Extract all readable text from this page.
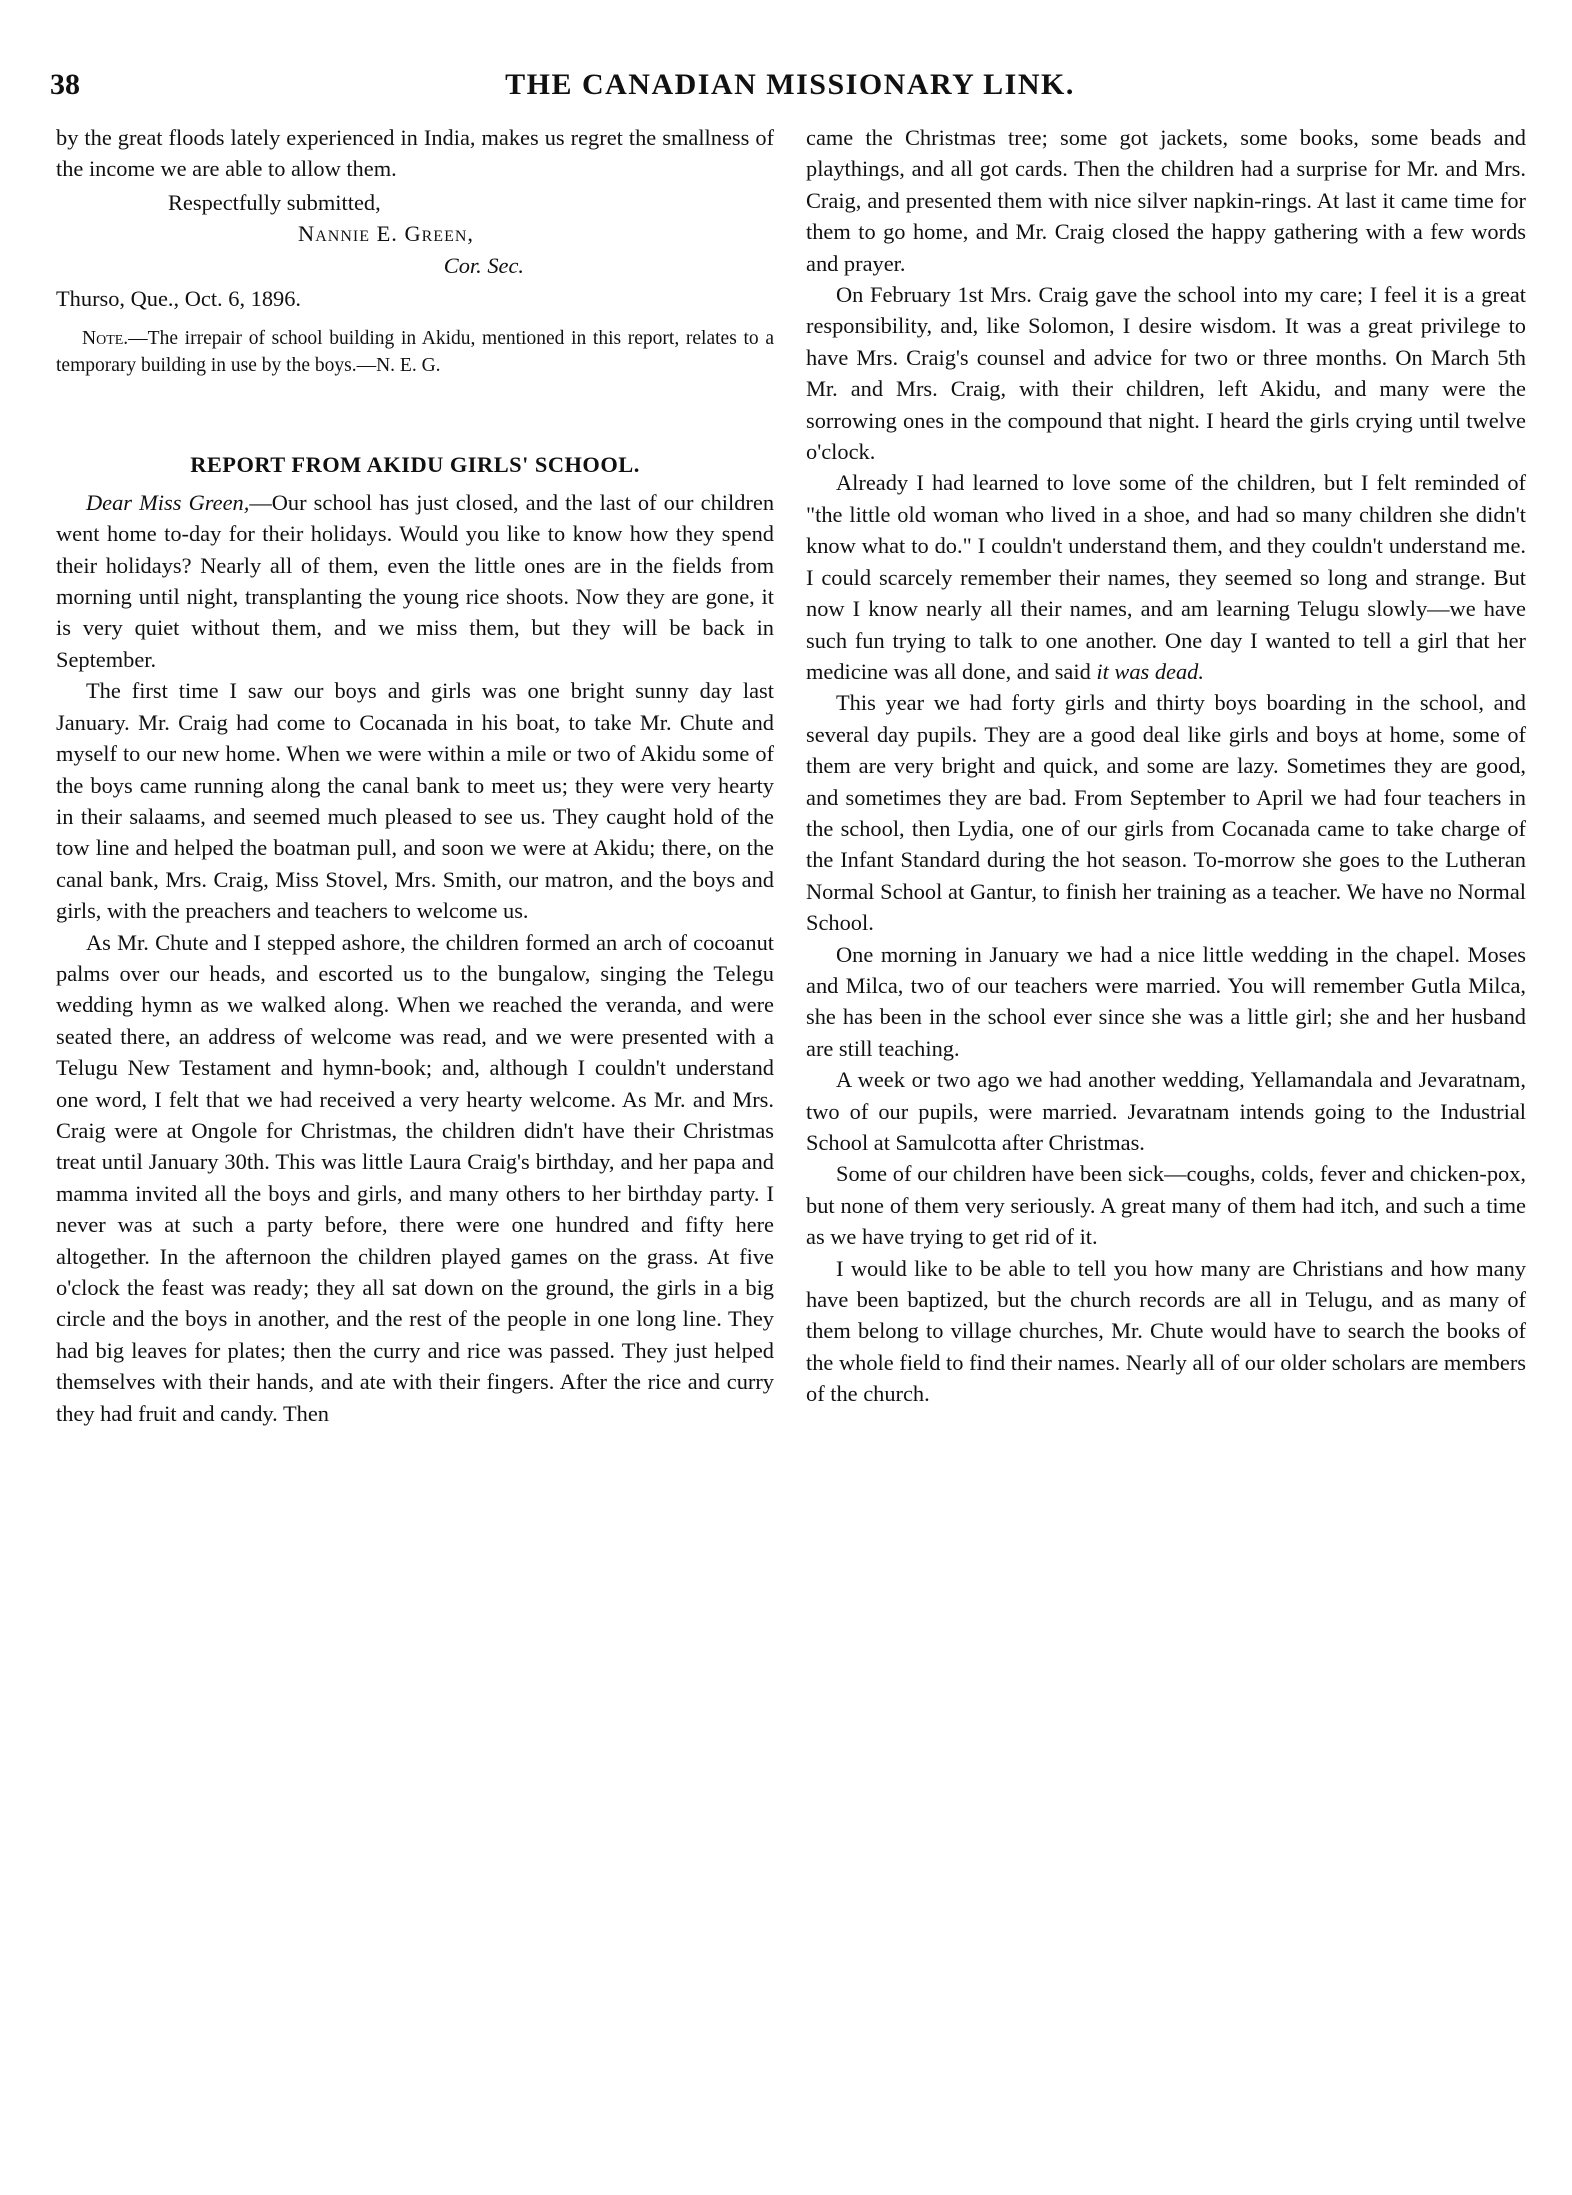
38	THE CANADIAN MISSIONARY LINK.

by the great floods lately experienced in India, makes us regret the smallness of the income we are able to allow them.

Respectfully submitted,

Nannie E. Green,

Cor. Sec.

Thurso, Que., Oct. 6, 1896.

Note.—The irrepair of school building in Akidu, mentioned in this report, relates to a temporary building in use by the boys.—N. E. G.

REPORT FROM AKIDU GIRLS' SCHOOL.

Dear Miss Green,—Our school has just closed, and the last of our children went home to-day for their holidays. Would you like to know how they spend their holidays? Nearly all of them, even the little ones are in the fields from morning until night, transplanting the young rice shoots. Now they are gone, it is very quiet without them, and we miss them, but they will be back in September.

The first time I saw our boys and girls was one bright sunny day last January. Mr. Craig had come to Cocanada in his boat, to take Mr. Chute and myself to our new home. When we were within a mile or two of Akidu some of the boys came running along the canal bank to meet us; they were very hearty in their salaams, and seemed much pleased to see us. They caught hold of the tow line and helped the boatman pull, and soon we were at Akidu; there, on the canal bank, Mrs. Craig, Miss Stovel, Mrs. Smith, our matron, and the boys and girls, with the preachers and teachers to welcome us.

As Mr. Chute and I stepped ashore, the children formed an arch of cocoanut palms over our heads, and escorted us to the bungalow, singing the Telegu wedding hymn as we walked along. When we reached the veranda, and were seated there, an address of welcome was read, and we were presented with a Telugu New Testament and hymn-book; and, although I couldn't understand one word, I felt that we had received a very hearty welcome. As Mr. and Mrs. Craig were at Ongole for Christmas, the children didn't have their Christmas treat until January 30th. This was little Laura Craig's birthday, and her papa and mamma invited all the boys and girls, and many others to her birthday party. I never was at such a party before, there were one hundred and fifty here altogether. In the afternoon the children played games on the grass. At five o'clock the feast was ready; they all sat down on the ground, the girls in a big circle and the boys in another, and the rest of the people in one long line. They had big leaves for plates; then the curry and rice was passed. They just helped themselves with their hands, and ate with their fingers. After the rice and curry they had fruit and candy. Then

came the Christmas tree; some got jackets, some books, some beads and playthings, and all got cards. Then the children had a surprise for Mr. and Mrs. Craig, and presented them with nice silver napkin-rings. At last it came time for them to go home, and Mr. Craig closed the happy gathering with a few words and prayer.

On February 1st Mrs. Craig gave the school into my care; I feel it is a great responsibility, and, like Solomon, I desire wisdom. It was a great privilege to have Mrs. Craig's counsel and advice for two or three months. On March 5th Mr. and Mrs. Craig, with their children, left Akidu, and many were the sorrowing ones in the compound that night. I heard the girls crying until twelve o'clock.

Already I had learned to love some of the children, but I felt reminded of "the little old woman who lived in a shoe, and had so many children she didn't know what to do." I couldn't understand them, and they couldn't understand me. I could scarcely remember their names, they seemed so long and strange. But now I know nearly all their names, and am learning Telugu slowly—we have such fun trying to talk to one another. One day I wanted to tell a girl that her medicine was all done, and said it was dead.

This year we had forty girls and thirty boys boarding in the school, and several day pupils. They are a good deal like girls and boys at home, some of them are very bright and quick, and some are lazy. Sometimes they are good, and sometimes they are bad. From September to April we had four teachers in the school, then Lydia, one of our girls from Cocanada came to take charge of the Infant Standard during the hot season. To-morrow she goes to the Lutheran Normal School at Gantur, to finish her training as a teacher. We have no Normal School.

One morning in January we had a nice little wedding in the chapel. Moses and Milca, two of our teachers were married. You will remember Gutla Milca, she has been in the school ever since she was a little girl; she and her husband are still teaching.

A week or two ago we had another wedding, Yellamandala and Jevaratnam, two of our pupils, were married. Jevaratnam intends going to the Industrial School at Samulcotta after Christmas.

Some of our children have been sick—coughs, colds, fever and chicken-pox, but none of them very seriously. A great many of them had itch, and such a time as we have trying to get rid of it.

I would like to be able to tell you how many are Christians and how many have been baptized, but the church records are all in Telugu, and as many of them belong to village churches, Mr. Chute would have to search the books of the whole field to find their names. Nearly all of our older scholars are members of the church.
